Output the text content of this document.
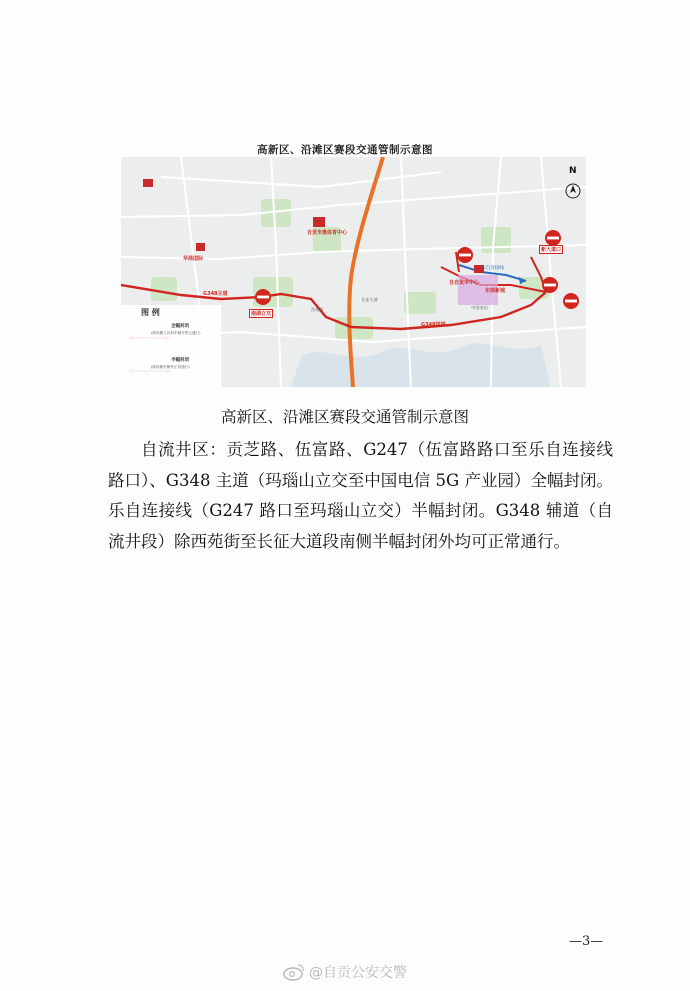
高新区、沿滩区赛段交通管制示意图
图 例
全幅封闭
(除执勤人员和车辆外禁止通行)
半幅封闭
(除执勤车辆外正常通行)
N
华商国际
自贡市奥体育中心
南湖立交
G348主道
自自贡市中心
东部新城
新大道口
乐自连接线
中国电信
G348国道
长征大道
西苑街
高新区、沿滩区赛段交通管制示意图
自流井区：贡芝路、伍富路、G247（伍富路路口至乐自连接线路口）、G348 主道（玛瑙山立交至中国电信 5G 产业园）全幅封闭。乐自连接线（G247 路口至玛瑙山立交）半幅封闭。G348 辅道（自流井段）除西苑街至长征大道段南侧半幅封闭外均可正常通行。
—3—
@自贡公安交警
